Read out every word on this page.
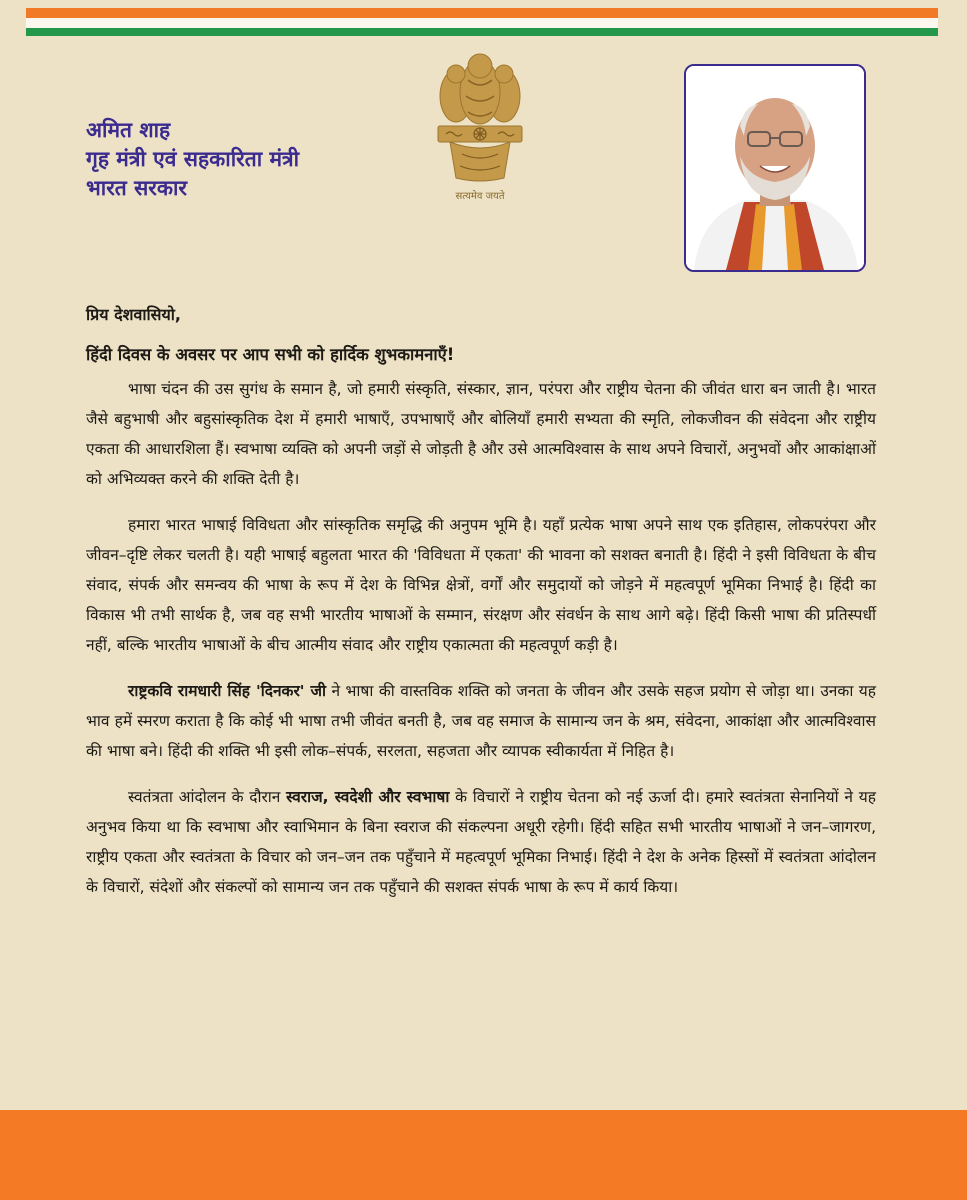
अमित शाह
गृह मंत्री एवं सहकारिता मंत्री
भारत सरकार	सत्यमेव जयते

प्रिय देशवासियो,

हिंदी दिवस के अवसर पर आप सभी को हार्दिक शुभकामनाएँ!

भाषा चंदन की उस सुगंध के समान है, जो हमारी संस्कृति, संस्कार, ज्ञान, परंपरा और राष्ट्रीय चेतना की जीवंत धारा बन जाती है। भारत जैसे बहुभाषी और बहुसांस्कृतिक देश में हमारी भाषाएँ, उपभाषाएँ और बोलियाँ हमारी सभ्यता की स्मृति, लोकजीवन की संवेदना और राष्ट्रीय एकता की आधारशिला हैं। स्वभाषा व्यक्ति को अपनी जड़ों से जोड़ती है और उसे आत्मविश्वास के साथ अपने विचारों, अनुभवों और आकांक्षाओं को अभिव्यक्त करने की शक्ति देती है।

हमारा भारत भाषाई विविधता और सांस्कृतिक समृद्धि की अनुपम भूमि है। यहाँ प्रत्येक भाषा अपने साथ एक इतिहास, लोकपरंपरा और जीवन–दृष्टि लेकर चलती है। यही भाषाई बहुलता भारत की 'विविधता में एकता' की भावना को सशक्त बनाती है। हिंदी ने इसी विविधता के बीच संवाद, संपर्क और समन्वय की भाषा के रूप में देश के विभिन्न क्षेत्रों, वर्गों और समुदायों को जोड़ने में महत्वपूर्ण भूमिका निभाई है। हिंदी का विकास भी तभी सार्थक है, जब वह सभी भारतीय भाषाओं के सम्मान, संरक्षण और संवर्धन के साथ आगे बढ़े। हिंदी किसी भाषा की प्रतिस्पर्धी नहीं, बल्कि भारतीय भाषाओं के बीच आत्मीय संवाद और राष्ट्रीय एकात्मता की महत्वपूर्ण कड़ी है।

राष्ट्रकवि रामधारी सिंह 'दिनकर' जी ने भाषा की वास्तविक शक्ति को जनता के जीवन और उसके सहज प्रयोग से जोड़ा था। उनका यह भाव हमें स्मरण कराता है कि कोई भी भाषा तभी जीवंत बनती है, जब वह समाज के सामान्य जन के श्रम, संवेदना, आकांक्षा और आत्मविश्वास की भाषा बने। हिंदी की शक्ति भी इसी लोक–संपर्क, सरलता, सहजता और व्यापक स्वीकार्यता में निहित है।

स्वतंत्रता आंदोलन के दौरान स्वराज, स्वदेशी और स्वभाषा के विचारों ने राष्ट्रीय चेतना को नई ऊर्जा दी। हमारे स्वतंत्रता सेनानियों ने यह अनुभव किया था कि स्वभाषा और स्वाभिमान के बिना स्वराज की संकल्पना अधूरी रहेगी। हिंदी सहित सभी भारतीय भाषाओं ने जन–जागरण, राष्ट्रीय एकता और स्वतंत्रता के विचार को जन–जन तक पहुँचाने में महत्वपूर्ण भूमिका निभाई। हिंदी ने देश के अनेक हिस्सों में स्वतंत्रता आंदोलन के विचारों, संदेशों और संकल्पों को सामान्य जन तक पहुँचाने की सशक्त संपर्क भाषा के रूप में कार्य किया।
